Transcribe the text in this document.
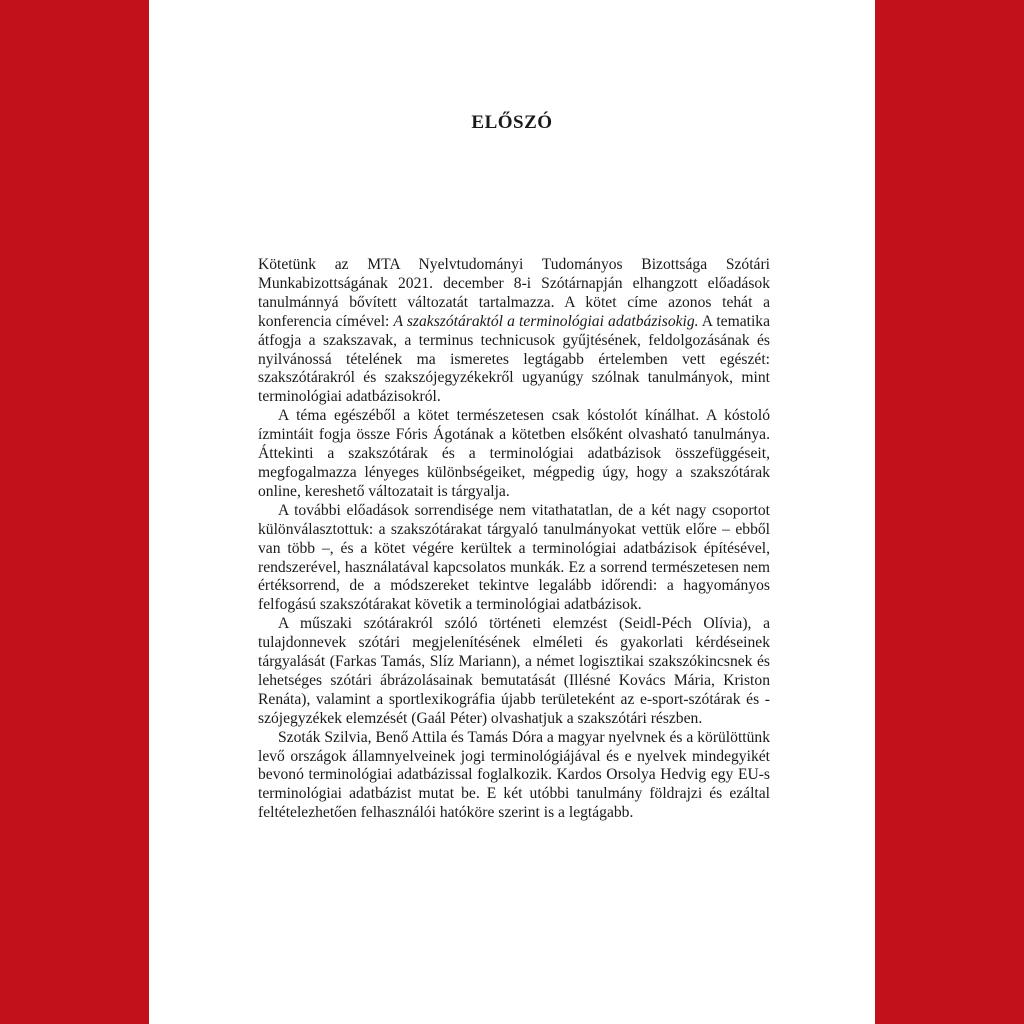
ELŐSZÓ

Kötetünk az MTA Nyelvtudományi Tudományos Bizottsága Szótári Munkabizottságának 2021. december 8-i Szótárnapján elhangzott előadások tanulmánnyá bővített változatát tartalmazza. A kötet címe azonos tehát a konferencia címével: A szakszótáraktól a terminológiai adatbázisokig. A tematika átfogja a szakszavak, a terminus technicusok gyűjtésének, feldolgozásának és nyilvánossá tételének ma ismeretes legtágabb értelemben vett egészét: szakszótárakról és szakszójegyzékekről ugyanúgy szólnak tanulmányok, mint terminológiai adatbázisokról.

A téma egészéből a kötet természetesen csak kóstolót kínálhat. A kóstoló ízmintáit fogja össze Fóris Ágotának a kötetben elsőként olvasható tanulmánya. Áttekinti a szakszótárak és a terminológiai adatbázisok összefüggéseit, megfogalmazza lényeges különbségeiket, mégpedig úgy, hogy a szakszótárak online, kereshető változatait is tárgyalja.

A további előadások sorrendisége nem vitathatatlan, de a két nagy csoportot különválasztottuk: a szakszótárakat tárgyaló tanulmányokat vettük előre – ebből van több –, és a kötet végére kerültek a terminológiai adatbázisok építésével, rendszerével, használatával kapcsolatos munkák. Ez a sorrend természetesen nem értéksorrend, de a módszereket tekintve legalább időrendi: a hagyományos felfogású szakszótárakat követik a terminológiai adatbázisok.

A műszaki szótárakról szóló történeti elemzést (Seidl-Péch Olívia), a tulajdonnevek szótári megjelenítésének elméleti és gyakorlati kérdéseinek tárgyalását (Farkas Tamás, Slíz Mariann), a német logisztikai szakszókincsnek és lehetséges szótári ábrázolásainak bemutatását (Illésné Kovács Mária, Kriston Renáta), valamint a sportlexikográfia újabb területeként az e-sport-szótárak és -szójegyzékek elemzését (Gaál Péter) olvashatjuk a szakszótári részben.

Szoták Szilvia, Benő Attila és Tamás Dóra a magyar nyelvnek és a körülöttünk levő országok államnyelveinek jogi terminológiájával és e nyelvek mindegyikét bevonó terminológiai adatbázissal foglalkozik. Kardos Orsolya Hedvig egy EU-s terminológiai adatbázist mutat be. E két utóbbi tanulmány földrajzi és ezáltal feltételezhetően felhasználói hatóköre szerint is a legtágabb.
